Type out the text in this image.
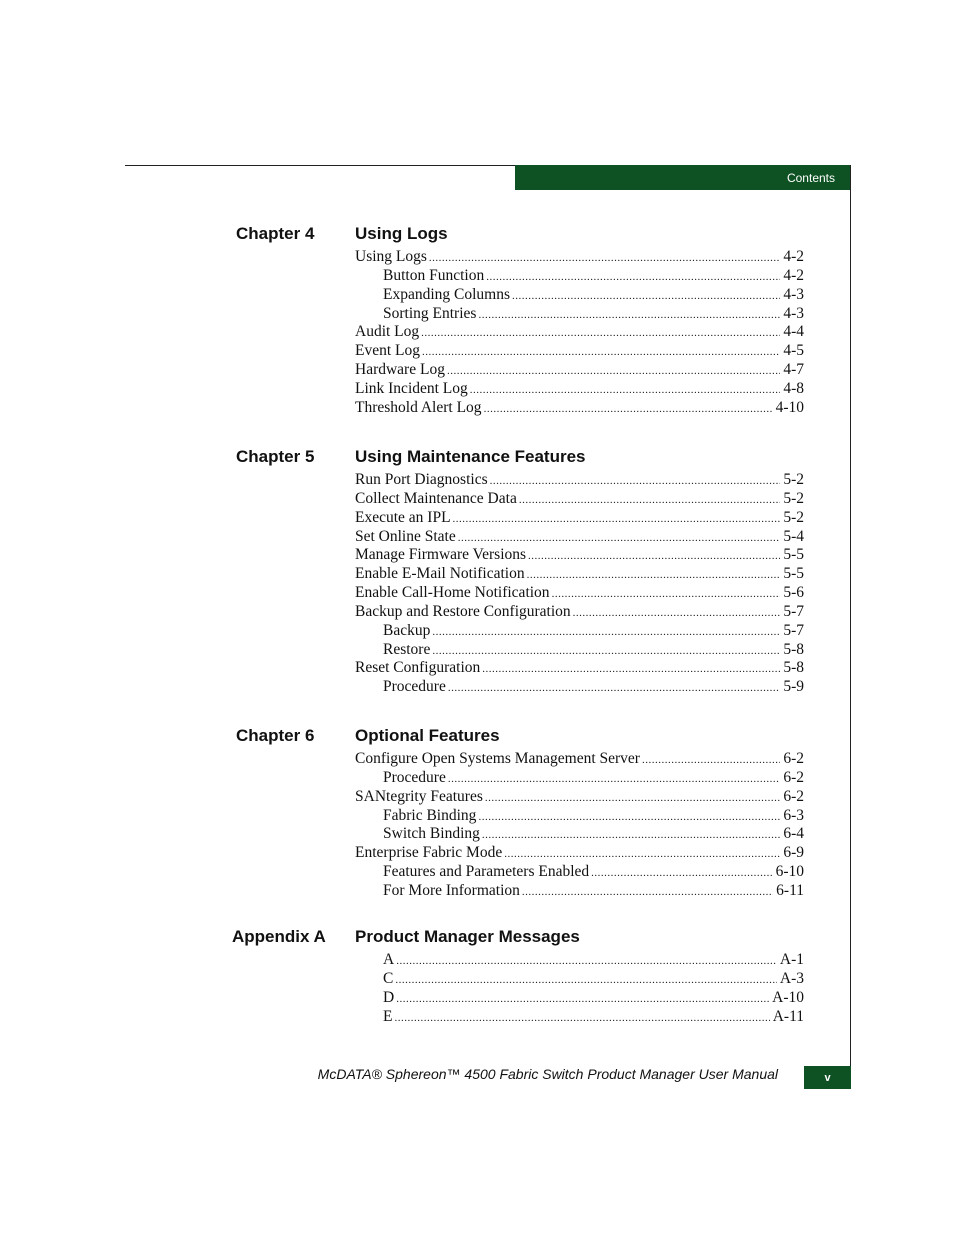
Contents
Chapter 4 Using Logs
Using Logs .....	4-2
Button Function .....	4-2
Expanding Columns .....	4-3
Sorting Entries .....	4-3
Audit Log .....	4-4
Event Log .....	4-5
Hardware Log .....	4-7
Link Incident Log .....	4-8
Threshold Alert Log .....	4-10
Chapter 5 Using Maintenance Features
Run Port Diagnostics .....	5-2
Collect Maintenance Data .....	5-2
Execute an IPL .....	5-2
Set Online State .....	5-4
Manage Firmware Versions .....	5-5
Enable E-Mail Notification .....	5-5
Enable Call-Home Notification .....	5-6
Backup and Restore Configuration .....	5-7
Backup .....	5-7
Restore .....	5-8
Reset Configuration .....	5-8
Procedure .....	5-9
Chapter 6 Optional Features
Configure Open Systems Management Server .....	6-2
Procedure .....	6-2
SANtegrity Features .....	6-2
Fabric Binding .....	6-3
Switch Binding .....	6-4
Enterprise Fabric Mode .....	6-9
Features and Parameters Enabled .....	6-10
For More Information .....	6-11
Appendix A Product Manager Messages
A .....	A-1
C .....	A-3
D .....	A-10
E .....	A-11
McDATA® Sphereon™ 4500 Fabric Switch Product Manager User Manual	v
